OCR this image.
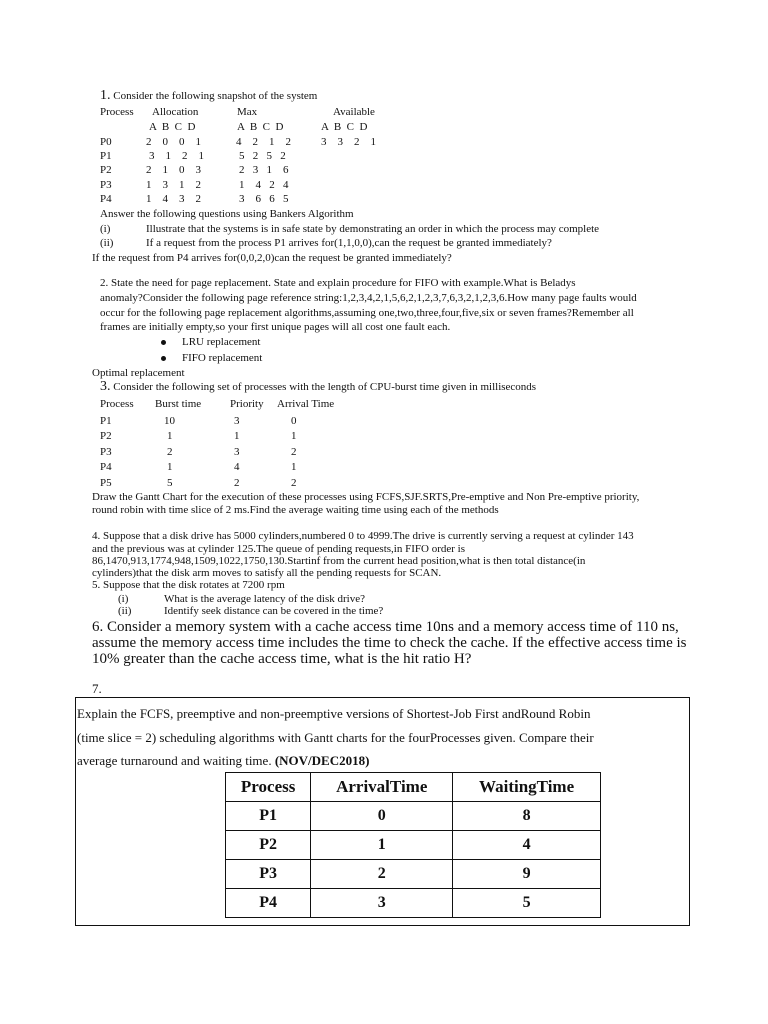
1. Consider the following snapshot of the system
Process Allocation	Max	Available
A  B  C  D	A  B  C  D	A  B  C  D
P0	2    0    0    1	4    2    1    2	3    3    2    1
P1	3    1    2    1	5   2   5   2
P2	2    1    0    3	2   3   1    6
P3	1    3    1    2	1    4   2   4
P4	1    4    3    2	3    6   6   5
Answer the following questions using Bankers Algorithm
(i)	Illustrate that the systems is in safe state by demonstrating an order in which the process may complete
(ii)	If a request from the process P1 arrives for(1,1,0,0),can the request be granted immediately?
If the request from P4 arrives for(0,0,2,0)can the request be granted immediately?
2. State the need for page replacement. State and explain procedure for FIFO with example.What is Beladys
anomaly?Consider the following page reference string:1,2,3,4,2,1,5,6,2,1,2,3,7,6,3,2,1,2,3,6.How many page faults would
occur for the following page replacement algorithms,assuming one,two,three,four,five,six or seven frames?Remember all
frames are initially empty,so your first unique pages will all cost one fault each.
LRU replacement
FIFO replacement
Optimal replacement
3. Consider the following set of processes with the length of CPU-burst time given in milliseconds
Process Burst time	Priority Arrival Time
P1	10	3	0
P2	1	1	1
P3	2	3	2
P4	1	4	1
P5	5	2	2
Draw the Gantt Chart for the execution of these processes using FCFS,SJF.SRTS,Pre-emptive and Non Pre-emptive priority,
round robin with time slice of 2 ms.Find the average waiting time using each of the methods
4. Suppose that a disk drive has 5000 cylinders,numbered 0 to 4999.The drive is currently serving a request at cylinder 143
and the previous was at cylinder 125.The queue of pending requests,in FIFO order is
86,1470,913,1774,948,1509,1022,1750,130.Startinf from the current head position,what is then total distance(in
cylinders)that the disk arm moves to satisfy all the pending requests for SCAN.
5. Suppose that the disk rotates at 7200 rpm
(i)	What is the average latency of the disk drive?
(ii)	Identify seek distance can be covered in the time?
6. Consider a memory system with a cache access time 10ns and a memory access time of 110 ns,
assume the memory access time includes the time to check the cache. If the effective access time is
10% greater than the cache access time, what is the hit ratio H?
7.
Explain the FCFS, preemptive and non-preemptive versions of Shortest-Job First andRound Robin
(time slice = 2) scheduling algorithms with Gantt charts for the fourProcesses given. Compare their
average turnaround and waiting time. (NOV/DEC2018)
Process	ArrivalTime	WaitingTime
P1	0	8
P2	1	4
P3	2	9
P4	3	5
